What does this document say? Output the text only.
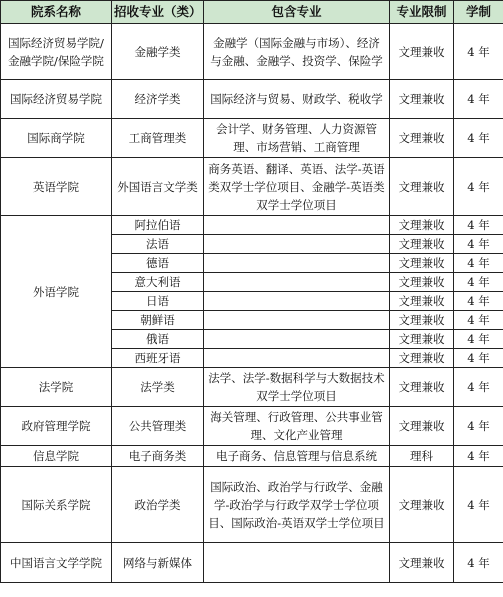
院系名称	招收专业（类）	包含专业	专业限制	学制
国际经济贸易学院/金融学院/保险学院	金融学类	金融学（国际金融与市场）、经济与金融、金融学、投资学、保险学	文理兼收	4 年
国际经济贸易学院	经济学类	国际经济与贸易、财政学、税收学	文理兼收	4 年
国际商学院	工商管理类	会计学、财务管理、人力资源管理、市场营销、工商管理	文理兼收	4 年
英语学院	外国语言文学类	商务英语、翻译、英语、法学-英语类双学士学位项目、金融学-英语类双学士学位项目	文理兼收	4 年
外语学院	阿拉伯语		文理兼收	4 年
	法语		文理兼收	4 年
	德语		文理兼收	4 年
	意大利语		文理兼收	4 年
	日语		文理兼收	4 年
	朝鲜语		文理兼收	4 年
	俄语		文理兼收	4 年
	西班牙语		文理兼收	4 年
法学院	法学类	法学、法学-数据科学与大数据技术双学士学位项目	文理兼收	4 年
政府管理学院	公共管理类	海关管理、行政管理、公共事业管理、文化产业管理	文理兼收	4 年
信息学院	电子商务类	电子商务、信息管理与信息系统	理科	4 年
国际关系学院	政治学类	国际政治、政治学与行政学、金融学-政治学与行政学双学士学位项目、国际政治-英语双学士学位项目	文理兼收	4 年
中国语言文学学院	网络与新媒体		文理兼收	4 年
